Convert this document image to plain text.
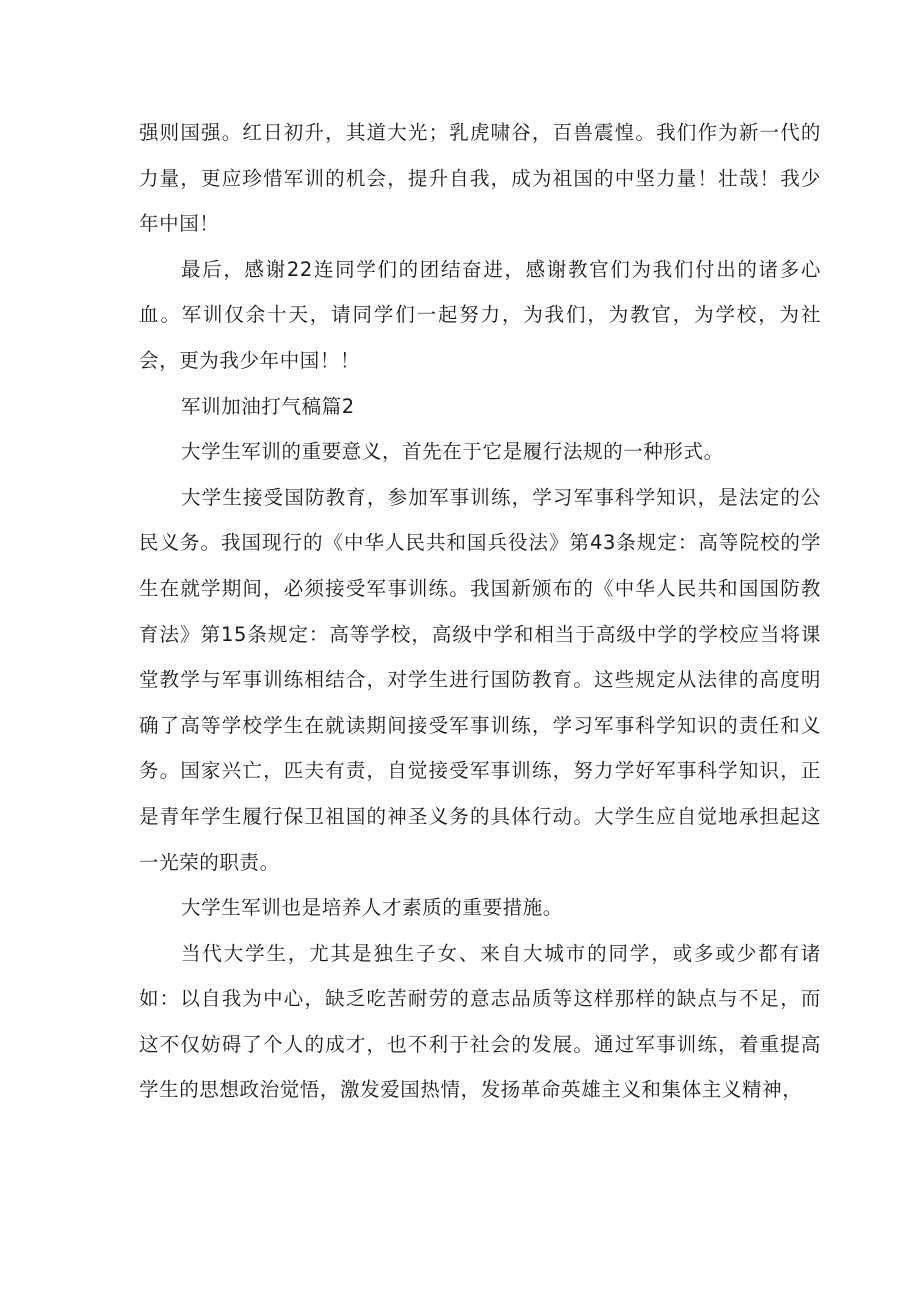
强则国强。红日初升，其道大光；乳虎啸谷，百兽震惶。我们作为新一代的力量，更应珍惜军训的机会，提升自我，成为祖国的中坚力量！壮哉！我少年中国！

最后，感谢22连同学们的团结奋进，感谢教官们为我们付出的诸多心血。军训仅余十天，请同学们一起努力，为我们，为教官，为学校，为社会，更为我少年中国！！

军训加油打气稿篇2

大学生军训的重要意义，首先在于它是履行法规的一种形式。

大学生接受国防教育，参加军事训练，学习军事科学知识，是法定的公民义务。我国现行的《中华人民共和国兵役法》第43条规定：高等院校的学生在就学期间，必须接受军事训练。我国新颁布的《中华人民共和国国防教育法》第15条规定：高等学校，高级中学和相当于高级中学的学校应当将课堂教学与军事训练相结合，对学生进行国防教育。这些规定从法律的高度明确了高等学校学生在就读期间接受军事训练，学习军事科学知识的责任和义务。国家兴亡，匹夫有责，自觉接受军事训练，努力学好军事科学知识，正是青年学生履行保卫祖国的神圣义务的具体行动。大学生应自觉地承担起这一光荣的职责。

大学生军训也是培养人才素质的重要措施。

当代大学生，尤其是独生子女、来自大城市的同学，或多或少都有诸如：以自我为中心，缺乏吃苦耐劳的意志品质等这样那样的缺点与不足，而这不仅妨碍了个人的成才，也不利于社会的发展。通过军事训练，着重提高学生的思想政治觉悟，激发爱国热情，发扬革命英雄主义和集体主义精神，
